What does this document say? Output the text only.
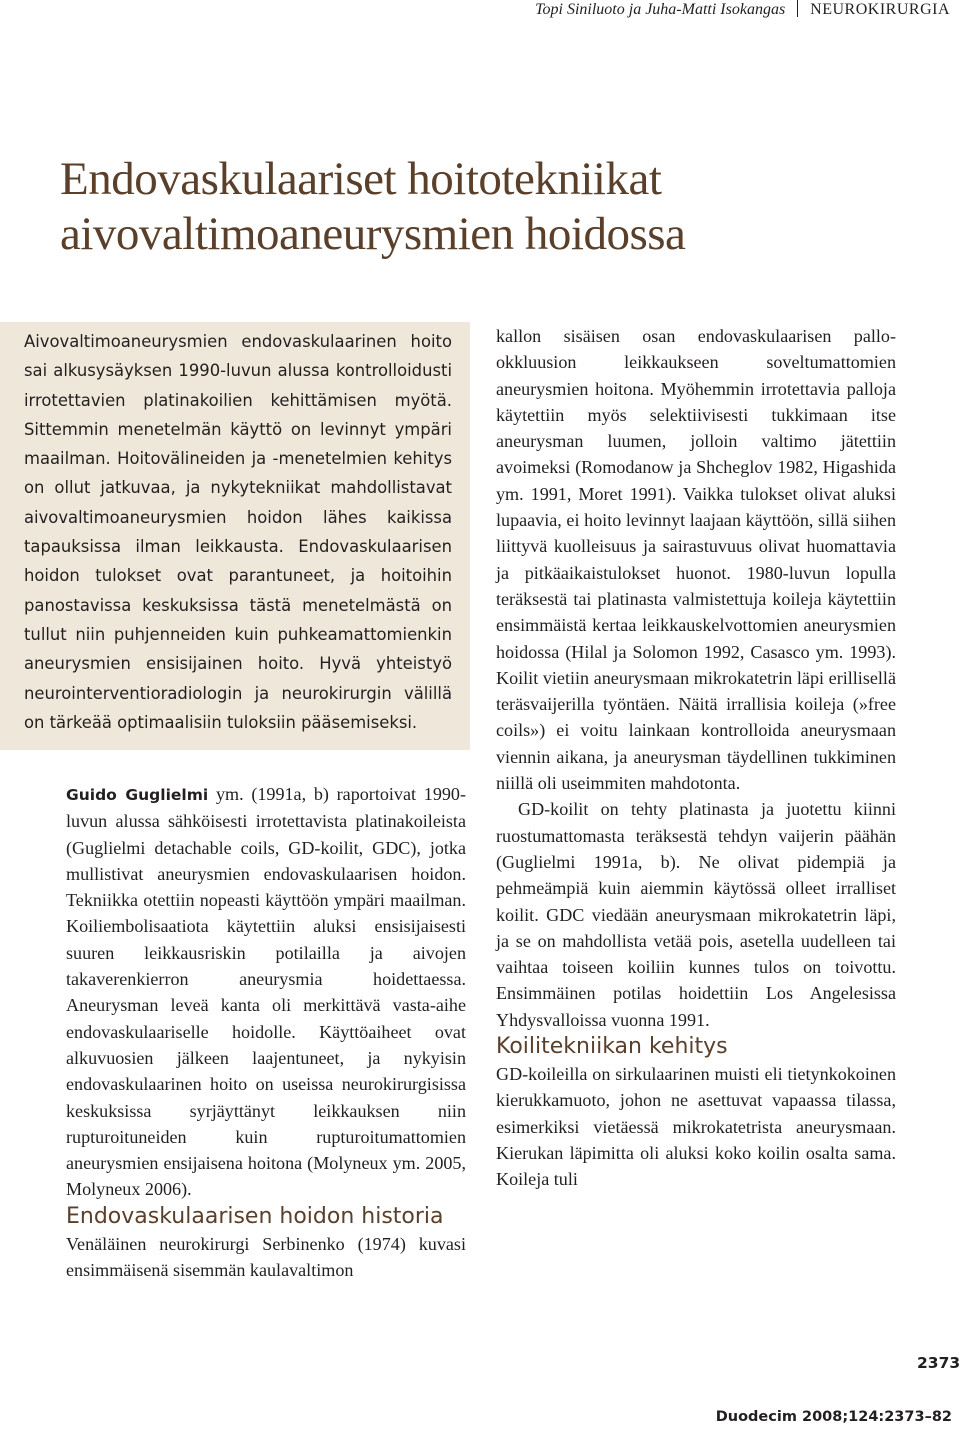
Topi Siniluoto ja Juha-Matti Isokangas NEUROKIRURGIA
Endovaskulaariset hoitotekniikat
aivovaltimoaneurysmien hoidossa

Aivovaltimoaneurysmien endovaskulaarinen hoito sai alkusysäyksen 1990-luvun alussa kontrolloidusti irrotettavien platinakoilien kehittämisen myötä. Sittemmin menetelmän käyttö on levinnyt ympäri maailman. Hoitovälineiden ja -menetelmien kehitys on ollut jatkuvaa, ja nykytekniikat mahdollistavat aivovaltimoaneurysmien hoidon lähes kaikissa tapauksissa ilman leikkausta. Endovaskulaarisen hoidon tulokset ovat parantuneet, ja hoitoihin panostavissa keskuksissa tästä menetelmästä on tullut niin puhjenneiden kuin puhkeamattomienkin aneurysmien ensisijainen hoito. Hyvä yhteistyö neurointerventioradiologin ja neurokirurgin välillä on tärkeää optimaalisiin tuloksiin pääsemiseksi.

Guido Guglielmi ym. (1991a, b) raportoivat 1990-luvun alussa sähköisesti irrotettavista platinakoileista (Guglielmi detachable coils, GD-koilit, GDC), jotka mullistivat aneurysmien endovaskulaarisen hoidon. Tekniikka otettiin nopeasti käyttöön ympäri maailman. Koiliembolisaatiota käytettiin aluksi ensisijaisesti suuren leikkausriskin potilailla ja aivojen takaverenkierron aneurysmia hoidettaessa. Aneurysman leveä kanta oli merkittävä vasta-aihe endovaskulaariselle hoidolle. Käyttöaiheet ovat alkuvuosien jälkeen laajentuneet, ja nykyisin endovaskulaarinen hoito on useissa neurokirurgisissa keskuksissa syrjäyttänyt leikkauksen niin rupturoituneiden kuin rupturoitumattomien aneurysmien ensijaisena hoitona (Molyneux ym. 2005, Molyneux 2006).

Endovaskulaarisen hoidon historia

Venäläinen neurokirurgi Serbinenko (1974) kuvasi ensimmäisenä sisemmän kaulavaltimon

kallon sisäisen osan endovaskulaarisen pallo-okkluusion leikkaukseen soveltumattomien aneurysmien hoitona. Myöhemmin irrotettavia palloja käytettiin myös selektiivisesti tukkimaan itse aneurysman luumen, jolloin valtimo jätettiin avoimeksi (Romodanow ja Shcheglov 1982, Higashida ym. 1991, Moret 1991). Vaikka tulokset olivat aluksi lupaavia, ei hoito levinnyt laajaan käyttöön, sillä siihen liittyvä kuolleisuus ja sairastuvuus olivat huomattavia ja pitkäaikaistulokset huonot. 1980-luvun lopulla teräksestä tai platinasta valmistettuja koileja käytettiin ensimmäistä kertaa leikkauskelvottomien aneurysmien hoidossa (Hilal ja Solomon 1992, Casasco ym. 1993). Koilit vietiin aneurysmaan mikrokatetrin läpi erillisellä teräsvaijerilla työntäen. Näitä irrallisia koileja (»free coils») ei voitu lainkaan kontrolloida aneurysmaan viennin aikana, ja aneurysman täydellinen tukkiminen niillä oli useimmiten mahdotonta.

GD-koilit on tehty platinasta ja juotettu kiinni ruostumattomasta teräksestä tehdyn vaijerin päähän (Guglielmi 1991a, b). Ne olivat pidempiä ja pehmeämpiä kuin aiemmin käytössä olleet irralliset koilit. GDC viedään aneurysmaan mikrokatetrin läpi, ja se on mahdollista vetää pois, asetella uudelleen tai vaihtaa toiseen koiliin kunnes tulos on toivottu. Ensimmäinen potilas hoidettiin Los Angelesissa Yhdysvalloissa vuonna 1991.

Koilitekniikan kehitys

GD-koileilla on sirkulaarinen muisti eli tietynkokoinen kierukkamuoto, johon ne asettuvat vapaassa tilassa, esimerkiksi vietäessä mikrokatetrista aneurysmaan. Kierukan läpimitta oli aluksi koko koilin osalta sama. Koileja tuli

2373
Duodecim 2008;124:2373–82
